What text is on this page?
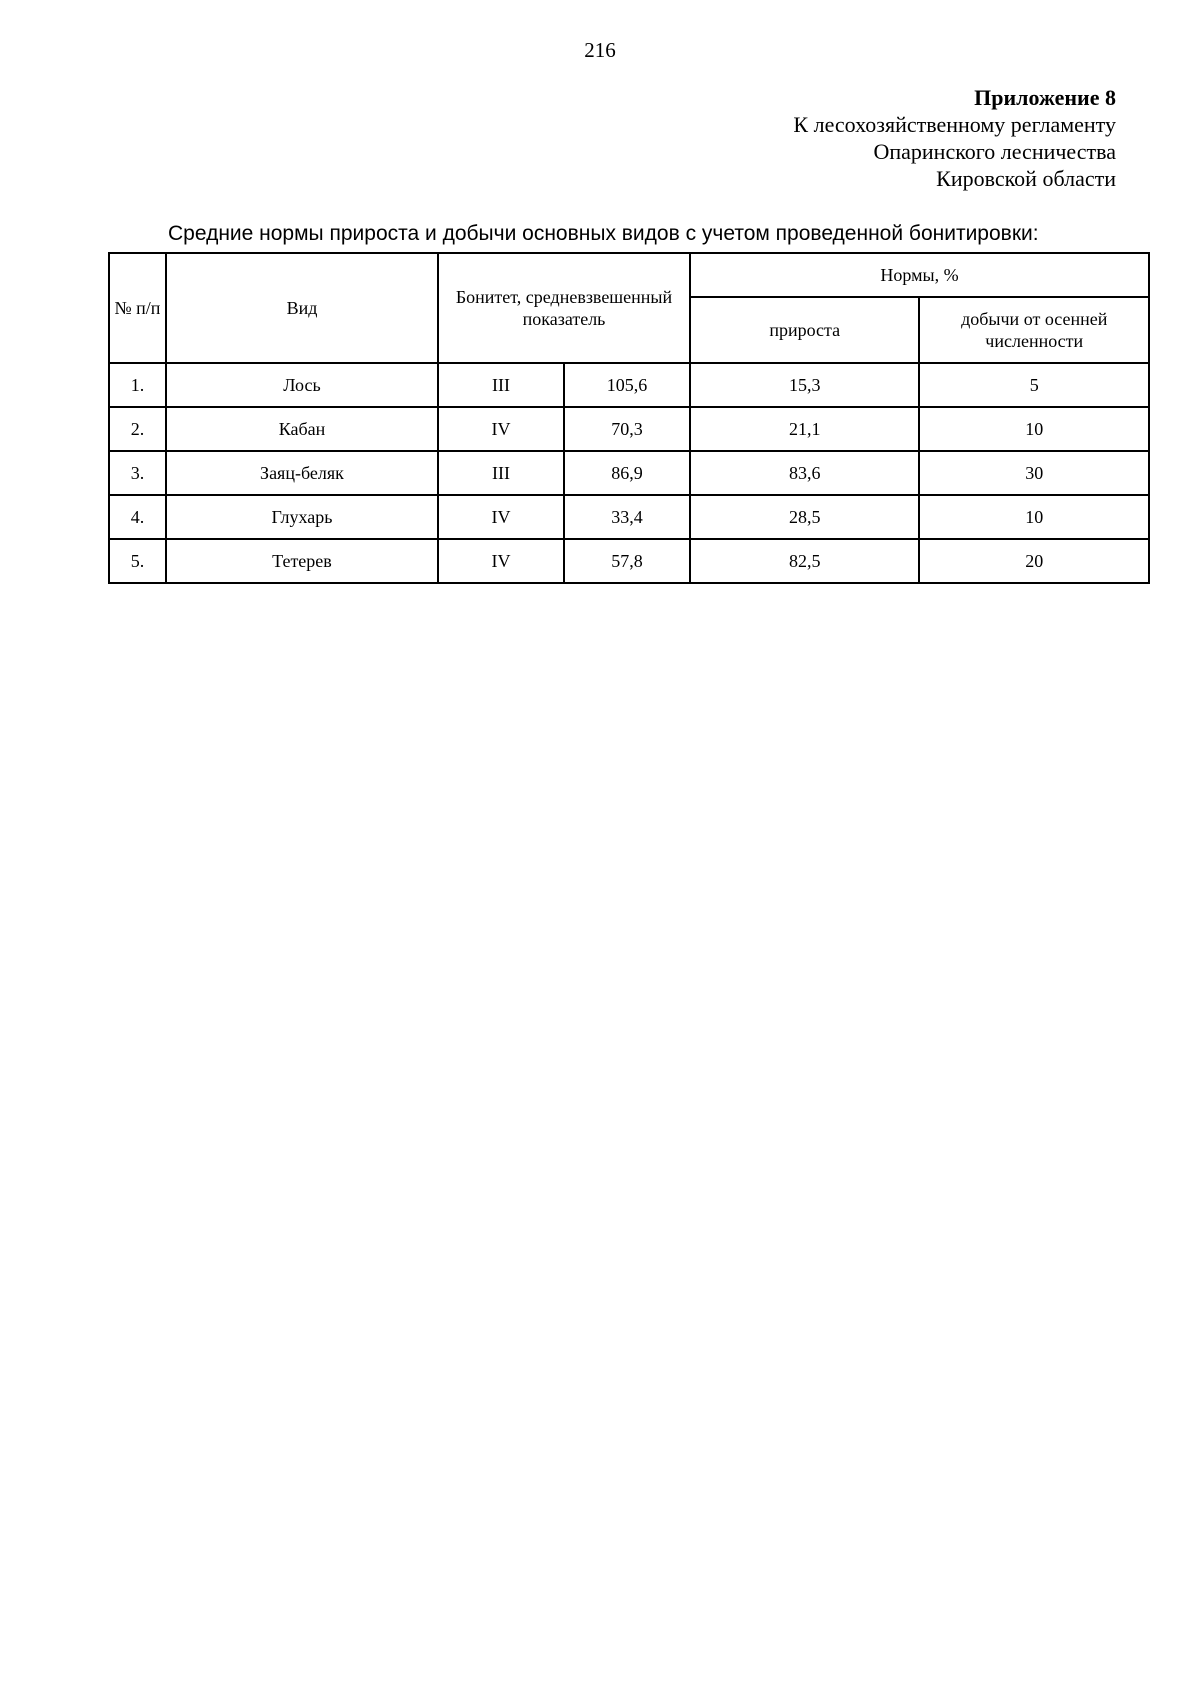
216
Приложение 8
К лесохозяйственному регламенту
Опаринского лесничества
Кировской области
Средние нормы прироста и добычи основных видов с учетом проведенной бонитировки:
№ п/п	Вид	Бонитет, средневзвешенный показатель		Нормы, %	
				прироста	добычи от осенней численности
1.	Лось	III	105,6	15,3	5
2.	Кабан	IV	70,3	21,1	10
3.	Заяц-беляк	III	86,9	83,6	30
4.	Глухарь	IV	33,4	28,5	10
5.	Тетерев	IV	57,8	82,5	20
